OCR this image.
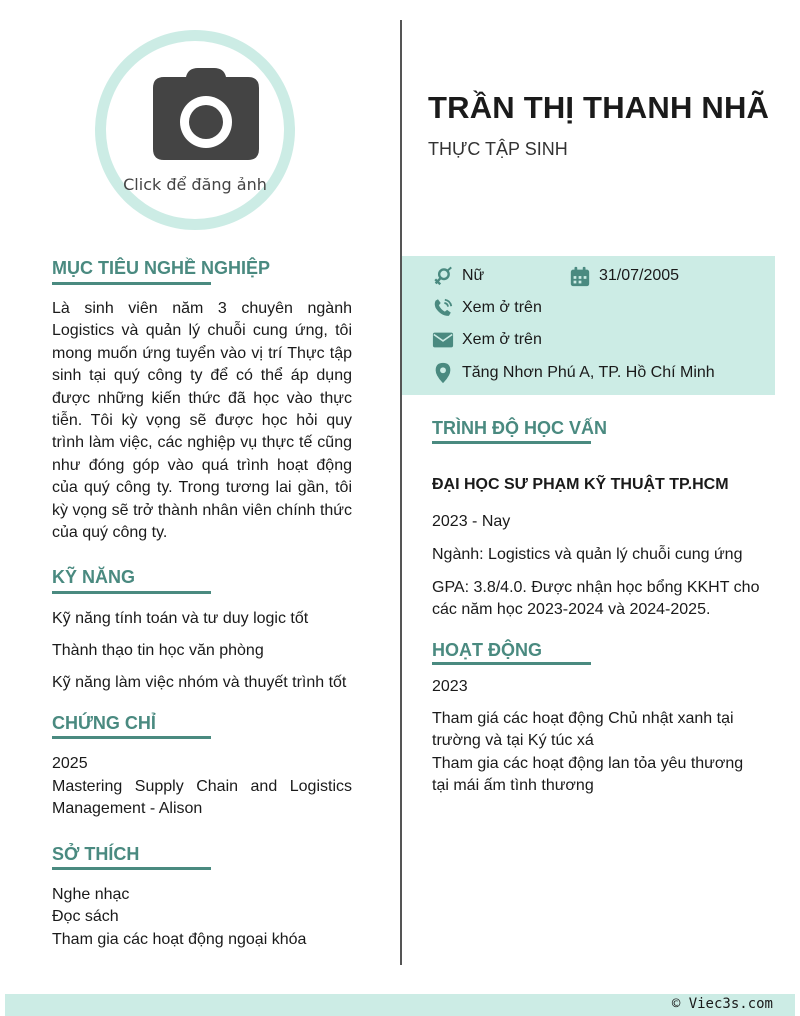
Click để đăng ảnh
TRẦN THỊ THANH NHÃ
THỰC TẬP SINH
Nữ	31/07/2005
Xem ở trên
Xem ở trên
Tăng Nhơn Phú A, TP. Hồ Chí Minh
MỤC TIÊU NGHỀ NGHIỆP
Là sinh viên năm 3 chuyên ngành Logistics và quản lý chuỗi cung ứng, tôi mong muốn ứng tuyển vào vị trí Thực tập sinh tại quý công ty để có thể áp dụng được những kiến thức đã học vào thực tiễn. Tôi kỳ vọng sẽ được học hỏi quy trình làm việc, các nghiệp vụ thực tế cũng như đóng góp vào quá trình hoạt động của quý công ty. Trong tương lai gần, tôi kỳ vọng sẽ trở thành nhân viên chính thức của quý công ty.
KỸ NĂNG
Kỹ năng tính toán và tư duy logic tốt
Thành thạo tin học văn phòng
Kỹ năng làm việc nhóm và thuyết trình tốt
CHỨNG CHỈ
2025
Mastering Supply Chain and Logistics Management - Alison
SỞ THÍCH
Nghe nhạc
Đọc sách
Tham gia các hoạt động ngoại khóa
TRÌNH ĐỘ HỌC VẤN
ĐẠI HỌC SƯ PHẠM KỸ THUẬT TP.HCM
2023 - Nay
Ngành: Logistics và quản lý chuỗi cung ứng
GPA: 3.8/4.0. Được nhận học bổng KKHT cho các năm học 2023-2024 và 2024-2025.
HOẠT ĐỘNG
2023
Tham giá các hoạt động Chủ nhật xanh tại trường và tại Ký túc xá
Tham gia các hoạt động lan tỏa yêu thương tại mái ấm tình thương
© Viec3s.com
